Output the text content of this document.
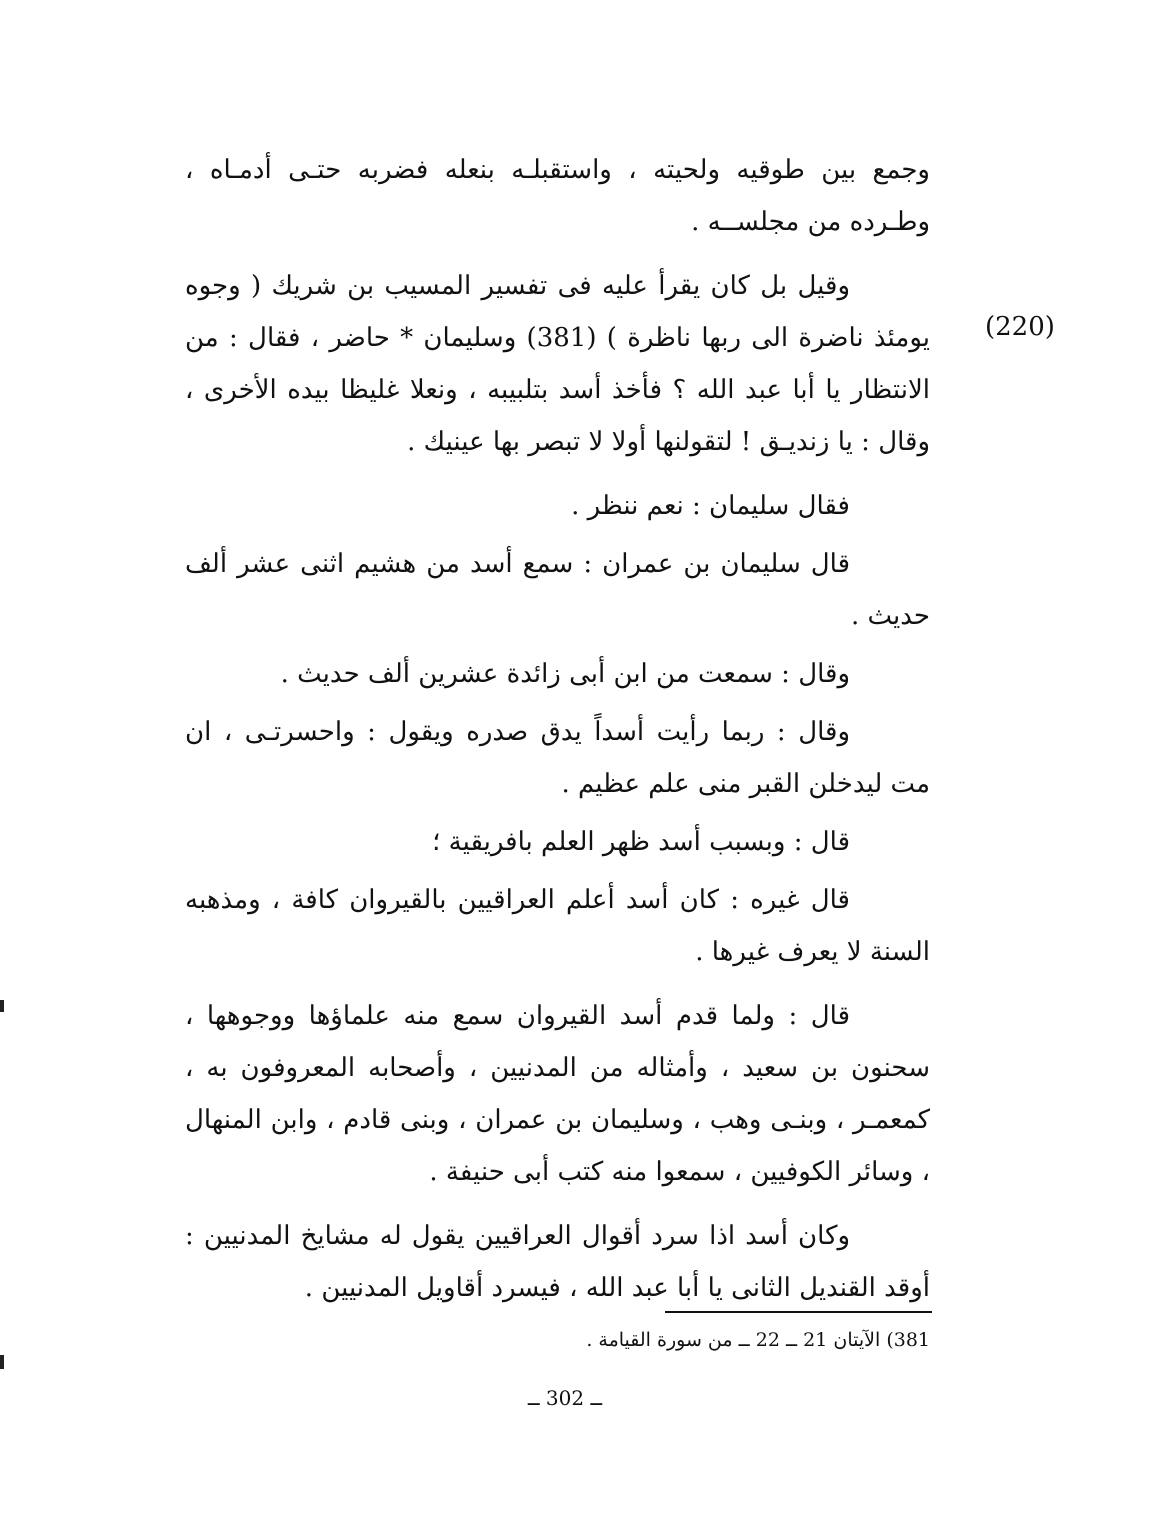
(220)

وجمع بين طوقيه ولحيته ، واستقبلـه بنعله فضربه حتـى أدمـاه ، وطـرده من مجلســه .

وقيل بل كان يقرأ عليه فى تفسير المسيب بن شريك ( وجوه يومئذ ناضرة الى ربها ناظرة ) (381) وسليمان * حاضر ، فقال : من الانتظار يا أبا عبد الله ؟ فأخذ أسد بتلبيبه ، ونعلا غليظا بيده الأخرى ، وقال : يا زنديـق ! لتقولنها أولا لا تبصر بها عينيك .

فقال سليمان : نعم ننظر .

قال سليمان بن عمران : سمع أسد من هشيم اثنى عشر ألف حديث .

وقال : سمعت من ابن أبى زائدة عشرين ألف حديث .

وقال : ربما رأيت أسداً يدق صدره ويقول : واحسرتـى ، ان مت ليدخلن القبر منى علم عظيم .

قال : وبسبب أسد ظهر العلم بافريقية ؛

قال غيره : كان أسد أعلم العراقيين بالقيروان كافة ، ومذهبه السنة لا يعرف غيرها .

قال : ولما قدم أسد القيروان سمع منه علماؤها ووجوهها ، سحنون بن سعيد ، وأمثاله من المدنيين ، وأصحابه المعروفون به ، كمعمـر ، وبنـى وهب ، وسليمان بن عمران ، وبنى قادم ، وابن المنهال ، وسائر الكوفيين ، سمعوا منه كتب أبى حنيفة .

وكان أسد اذا سرد أقوال العراقيين يقول له مشايخ المدنيين : أوقد القنديل الثانى يا أبا عبد الله ، فيسرد أقاويل المدنيين .

381) الآيتان 21 ــ 22 ــ من سورة القيامة .
ــ 302 ــ
